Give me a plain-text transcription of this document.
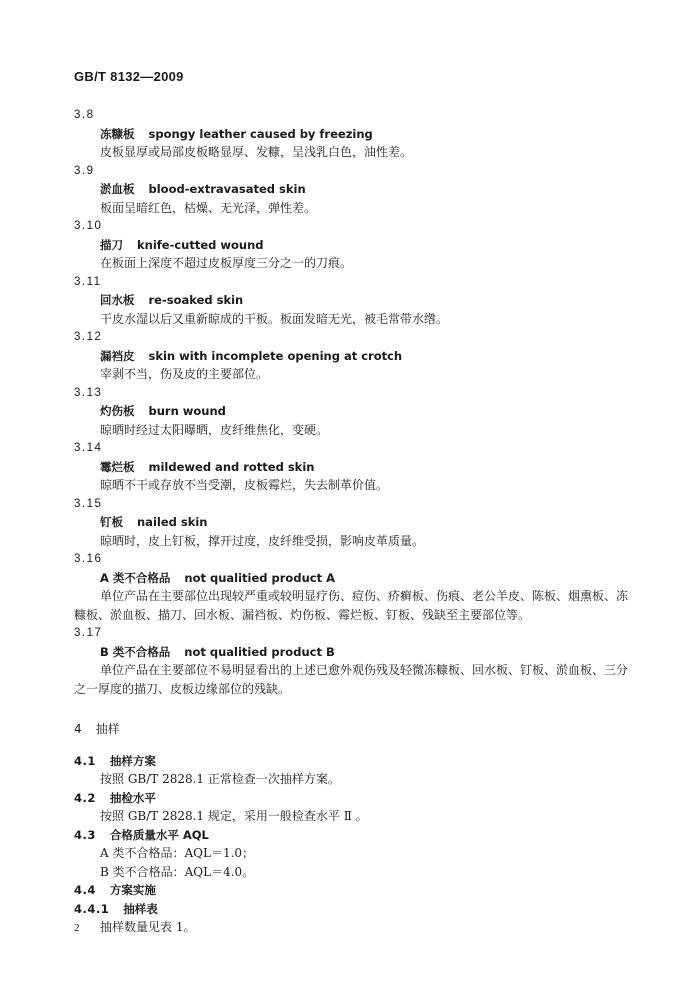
GB/T 8132—2009
3.8
冻糠板 spongy leather caused by freezing
皮板显厚或局部皮板略显厚、发糠，呈浅乳白色，油性差。
3.9
淤血板 blood-extravasated skin
板面呈暗红色，枯燥、无光泽，弹性差。
3.10
描刀 knife-cutted wound
在板面上深度不超过皮板厚度三分之一的刀痕。
3.11
回水板 re-soaked skin
干皮水湿以后又重新晾成的干板。板面发暗无光，被毛常带水绺。
3.12
漏裆皮 skin with incomplete opening at crotch
宰剥不当，伤及皮的主要部位。
3.13
灼伤板 burn wound
晾晒时经过太阳曝晒，皮纤维焦化，变硬。
3.14
霉烂板 mildewed and rotted skin
晾晒不干或存放不当受潮，皮板霉烂，失去制革价值。
3.15
钉板 nailed skin
晾晒时，皮上钉板，撑开过度，皮纤维受损，影响皮革质量。
3.16
A 类不合格品 not qualitied product A
单位产品在主要部位出现较严重或较明显疗伤、痘伤、疥癣板、伤痕、老公羊皮、陈板、烟熏板、冻糠板、淤血板、描刀、回水板、漏裆板、灼伤板、霉烂板、钉板、残缺至主要部位等。
3.17
B 类不合格品 not qualitied product B
单位产品在主要部位不易明显看出的上述已愈外观伤残及轻微冻糠板、回水板、钉板、淤血板、三分之一厚度的描刀、皮板边缘部位的残缺。
4 抽样
4.1 抽样方案
按照 GB/T 2828.1 正常检查一次抽样方案。
4.2 抽检水平
按照 GB/T 2828.1 规定，采用一般检查水平 Ⅱ 。
4.3 合格质量水平 AQL
A 类不合格品：AQL＝1.0；
B 类不合格品：AQL＝4.0。
4.4 方案实施
4.4.1 抽样表
抽样数量见表 1。
2
